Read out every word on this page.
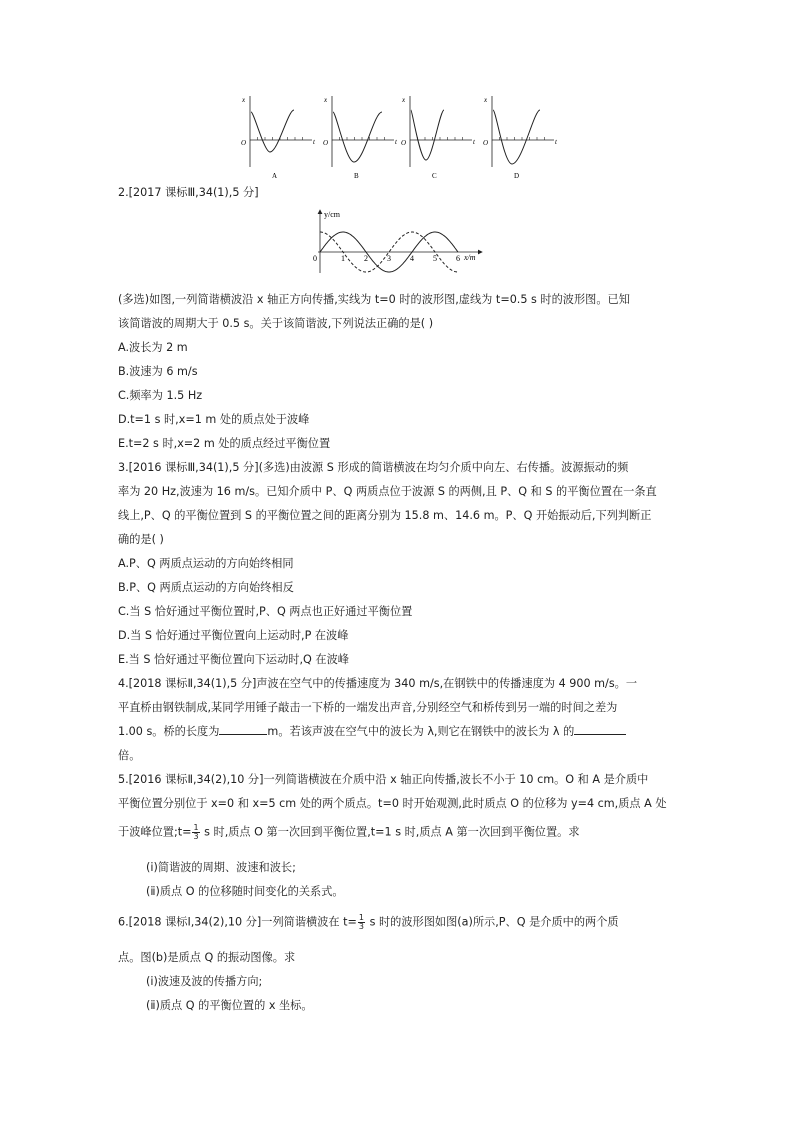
x
t
O
A
x
t
O
B
x
t
O
C
x
t
O
D
2.[2017 课标Ⅲ,34(1),5 分]
y/cm
x/m
0	1 2 3 4 5 6
(多选)如图,一列简谐横波沿 x 轴正方向传播,实线为 t=0 时的波形图,虚线为 t=0.5 s 时的波形图。已知
该简谐波的周期大于 0.5 s。关于该简谐波,下列说法正确的是( )
A.波长为 2 m
B.波速为 6 m/s
C.频率为 1.5 Hz
D.t=1 s 时,x=1 m 处的质点处于波峰
E.t=2 s 时,x=2 m 处的质点经过平衡位置
3.[2016 课标Ⅲ,34(1),5 分](多选)由波源 S 形成的简谐横波在均匀介质中向左、右传播。波源振动的频
率为 20 Hz,波速为 16 m/s。已知介质中 P、Q 两质点位于波源 S 的两侧,且 P、Q 和 S 的平衡位置在一条直
线上,P、Q 的平衡位置到 S 的平衡位置之间的距离分别为 15.8 m、14.6 m。P、Q 开始振动后,下列判断正
确的是( )
A.P、Q 两质点运动的方向始终相同
B.P、Q 两质点运动的方向始终相反
C.当 S 恰好通过平衡位置时,P、Q 两点也正好通过平衡位置
D.当 S 恰好通过平衡位置向上运动时,P 在波峰
E.当 S 恰好通过平衡位置向下运动时,Q 在波峰
4.[2018 课标Ⅱ,34(1),5 分]声波在空气中的传播速度为 340 m/s,在钢铁中的传播速度为 4 900 m/s。一
平直桥由钢铁制成,某同学用锤子敲击一下桥的一端发出声音,分别经空气和桥传到另一端的时间之差为
1.00 s。桥的长度为	m。若该声波在空气中的波长为 λ,则它在钢铁中的波长为 λ 的
倍。
5.[2016 课标Ⅱ,34(2),10 分]一列简谐横波在介质中沿 x 轴正向传播,波长不小于 10 cm。O 和 A 是介质中
平衡位置分别位于 x=0 和 x=5 cm 处的两个质点。t=0 时开始观测,此时质点 O 的位移为 y=4 cm,质点 A 处
于波峰位置;t= $\frac{1}{3}$ s 时,质点 O 第一次回到平衡位置,t=1 s 时,质点 A 第一次回到平衡位置。求
(ⅰ)简谐波的周期、波速和波长;
(ⅱ)质点 O 的位移随时间变化的关系式。
6.[2018 课标Ⅰ,34(2),10 分]一列简谐横波在 $t= \frac{1}{3}$ s 时的波形图如图(a)所示,P、Q 是介质中的两个质
点。图(b)是质点 Q 的振动图像。求
(ⅰ)波速及波的传播方向;
(ⅱ)质点 Q 的平衡位置的 x 坐标。
